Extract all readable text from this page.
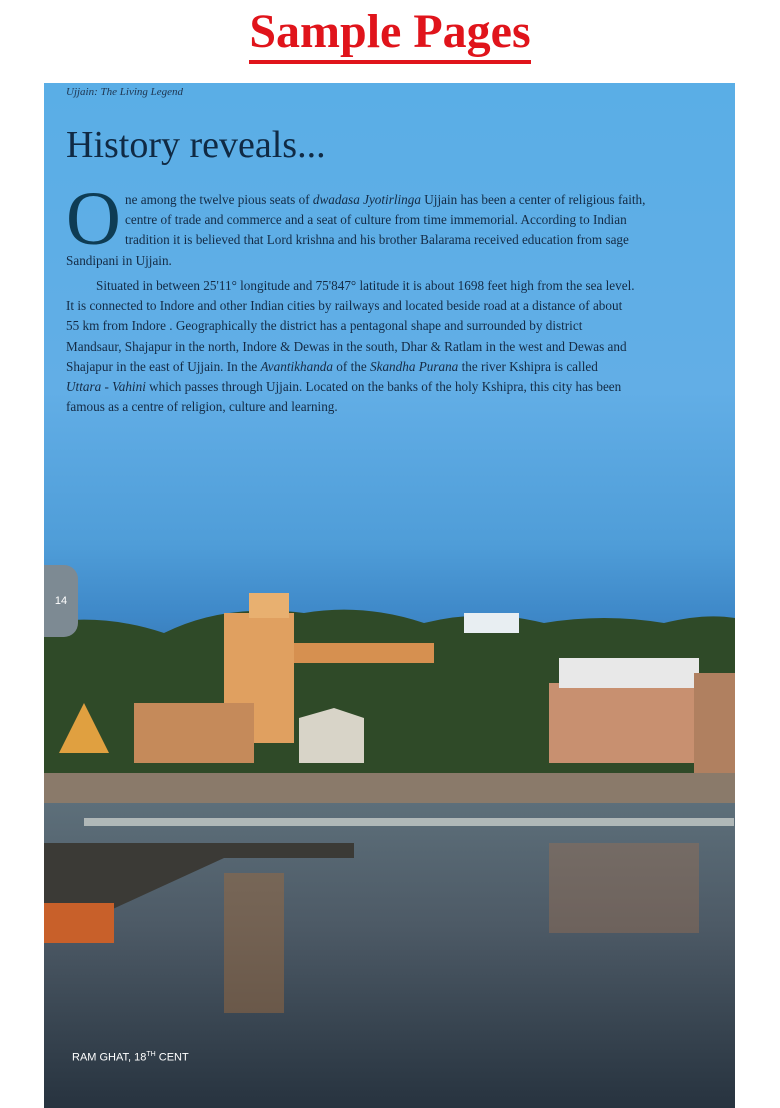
Sample Pages
Ujjain: The Living Legend
History reveals...
O ne among the twelve pious seats of dwadasa Jyotirlinga Ujjain has been a center of religious faith,
centre of trade and commerce and a seat of culture from time immemorial. According to Indian
tradition it is believed that Lord krishna and his brother Balarama received education from sage
Sandipani in Ujjain.
Situated in between 25'11° longitude and 75'847° latitude it is about 1698 feet high from the sea level.
It is connected to Indore and other Indian cities by railways and located beside road at a distance of about
55 km from Indore . Geographically the district has a pentagonal shape and surrounded by district
Mandsaur, Shajapur in the north, Indore & Dewas in the south, Dhar & Ratlam in the west and Dewas and
Shajapur in the east of Ujjain. In the Avantikhanda of the Skandha Purana the river Kshipra is called
Uttara - Vahini which passes through Ujjain. Located on the banks of the holy Kshipra, this city has been
famous as a centre of religion, culture and learning.
14
RAM GHAT, 18TH CENT
